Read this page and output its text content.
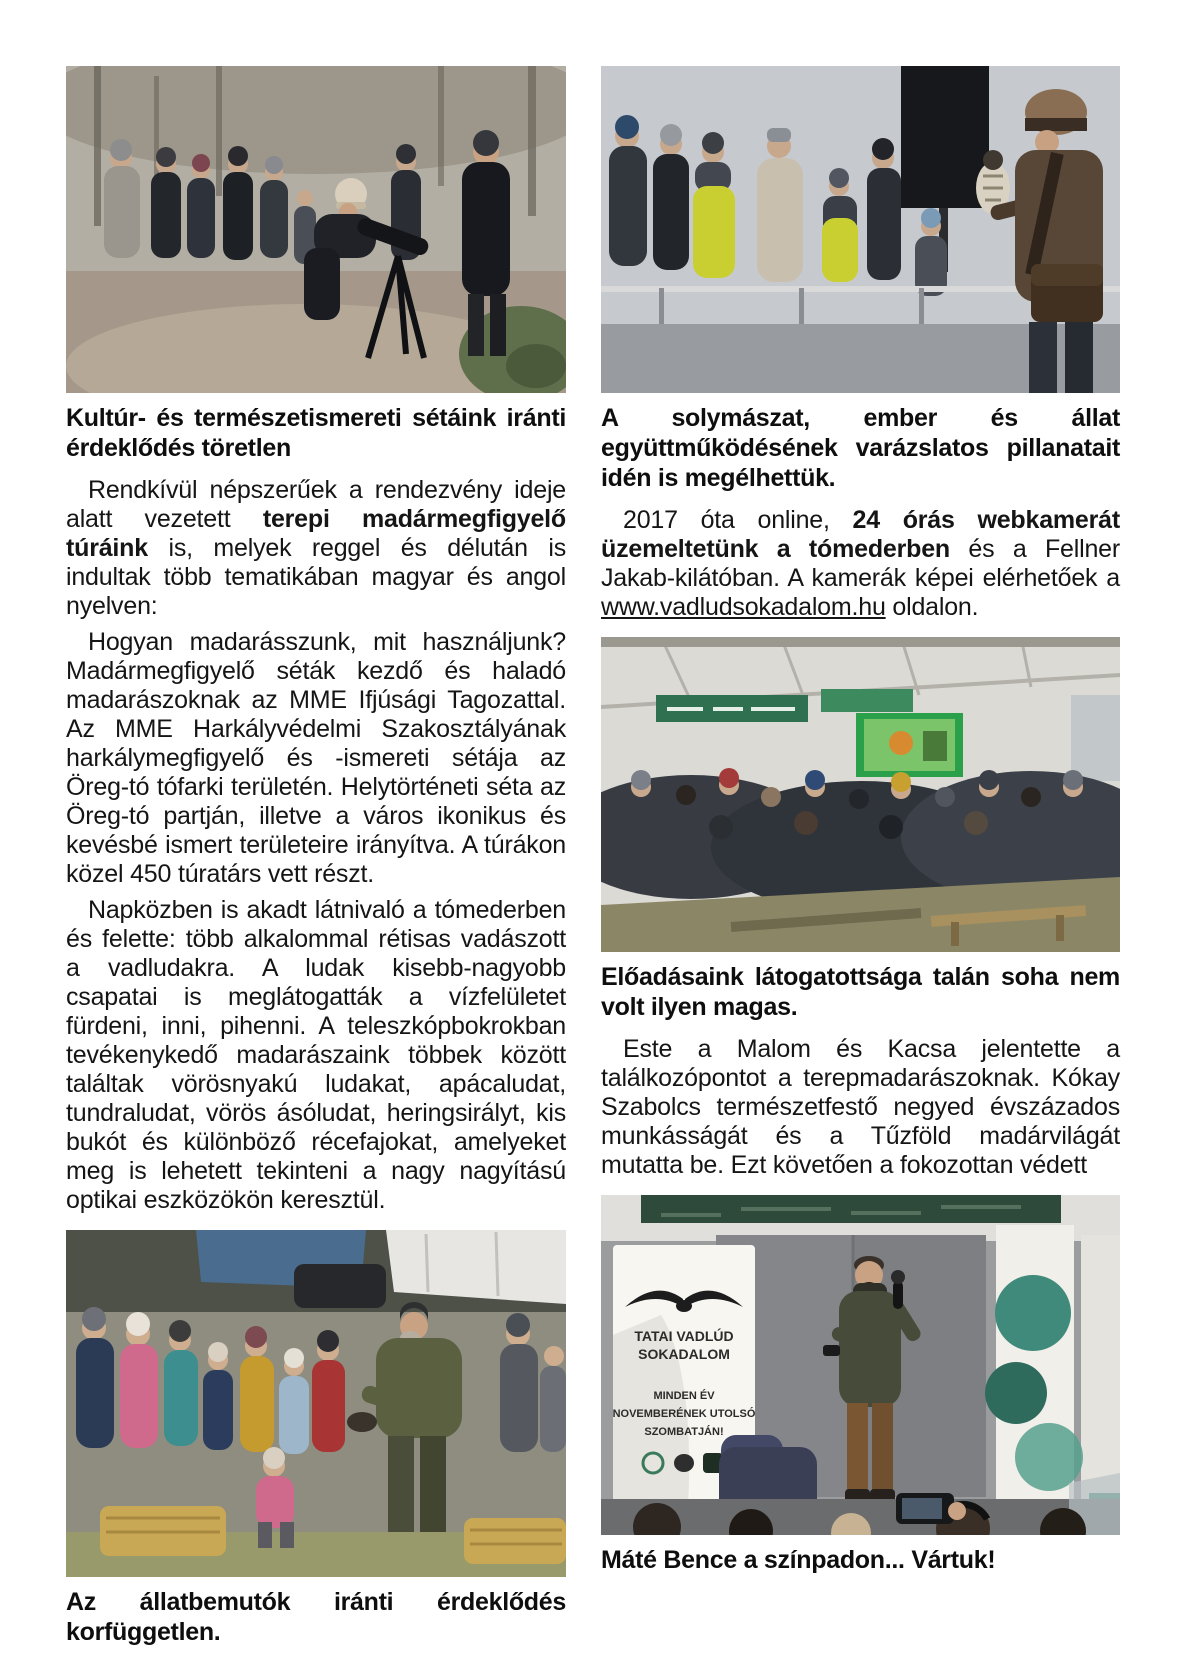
Kultúr- és természetismereti sétáink iránti érdeklődés töretlen

Rendkívül népszerűek a rendezvény ideje alatt vezetett terepi madármegfigyelő túráink is, melyek reggel és délután is indultak több tematikában magyar és angol nyelven:

Hogyan madarásszunk, mit használjunk? Madármegfigyelő séták kezdő és haladó madarászoknak az MME Ifjúsági Tagozattal. Az MME Harkályvédelmi Szakosztályának harkálymegfigyelő és -ismereti sétája az Öreg-tó tófarki területén. Helytörténeti séta az Öreg-tó partján, illetve a város ikonikus és kevésbé ismert területeire irányítva. A túrákon közel 450 túratárs vett részt.

Napközben is akadt látnivaló a tómederben és felette: több alkalommal rétisas vadászott a vadludakra. A ludak kisebb-nagyobb csapatai is meglátogatták a vízfelületet fürdeni, inni, pihenni. A teleszkópbokrokban tevékenykedő madarászaink többek között találtak vörösnyakú ludakat, apácaludat, tundraludat, vörös ásóludat, heringsirályt, kis bukót és különböző récefajokat, amelyeket meg is lehetett tekinteni a nagy nagyítású optikai eszközökön keresztül.

Az állatbemutók iránti érdeklődés korfüggetlen.
A solymászat, ember és állat együttműködésének varázslatos pillanatait idén is megélhettük.

2017 óta online, 24 órás webkamerát üzemeltetünk a tómederben és a Fellner Jakab-kilátóban. A kamerák képei elérhetőek a www.vadludsokadalom.hu oldalon.

Előadásaink látogatottsága talán soha nem volt ilyen magas.

Este a Malom és Kacsa jelentette a találkozópontot a terepmadarászoknak. Kókay Szabolcs természetfestő negyed évszázados munkásságát és a Tűzföld madárvilágát mutatta be. Ezt követően a fokozottan védett

TATAI VADLÚD
SOKADALOM
MINDEN ÉV
NOVEMBERÉNEK UTOLSÓ
SZOMBATJÁN!
Máté Bence a színpadon... Vártuk!
